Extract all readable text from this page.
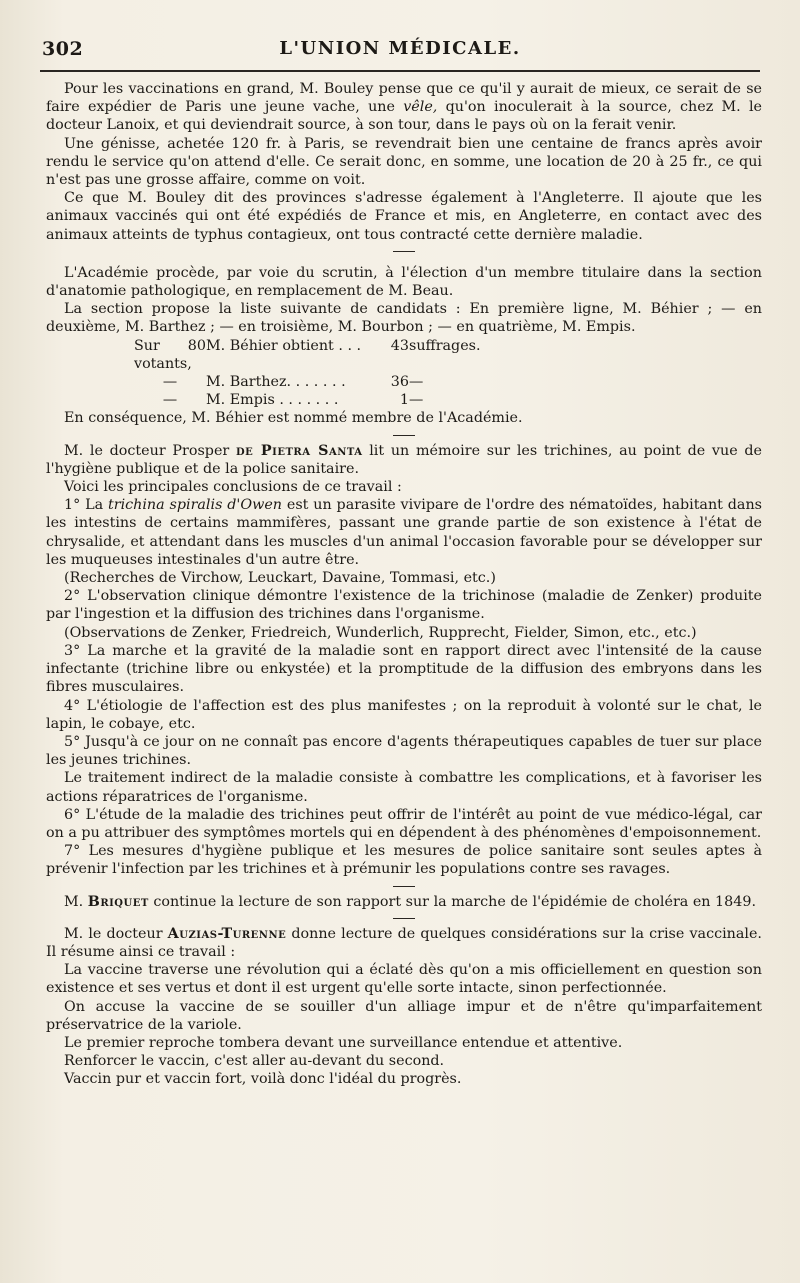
302	L'UNION MÉDICALE.

Pour les vaccinations en grand, M. Bouley pense que ce qu'il y aurait de mieux, ce serait de se faire expédier de Paris une jeune vache, une vêle, qu'on inoculerait à la source, chez M. le docteur Lanoix, et qui deviendrait source, à son tour, dans le pays où on la ferait venir.

Une génisse, achetée 120 fr. à Paris, se revendrait bien une centaine de francs après avoir rendu le service qu'on attend d'elle. Ce serait donc, en somme, une location de 20 à 25 fr., ce qui n'est pas une grosse affaire, comme on voit.

Ce que M. Bouley dit des provinces s'adresse également à l'Angleterre. Il ajoute que les animaux vaccinés qui ont été expédiés de France et mis, en Angleterre, en contact avec des animaux atteints de typhus contagieux, ont tous contracté cette dernière maladie.

L'Académie procède, par voie du scrutin, à l'élection d'un membre titulaire dans la section d'anatomie pathologique, en remplacement de M. Beau.

La section propose la liste suivante de candidats : En première ligne, M. Béhier ; — en deuxième, M. Barthez ; — en troisième, M. Bourbon ; — en quatrième, M. Empis.

Sur 80 votants,	M. Béhier obtient . . .	43	suffrages.
—	M. Barthez. . . . . . .	36	—
—	M. Empis . . . . . . .	1	—

En conséquence, M. Béhier est nommé membre de l'Académie.

M. le docteur Prosper de Pietra Santa lit un mémoire sur les trichines, au point de vue de l'hygiène publique et de la police sanitaire.

Voici les principales conclusions de ce travail :

1° La trichina spiralis d'Owen est un parasite vivipare de l'ordre des nématoïdes, habitant dans les intestins de certains mammifères, passant une grande partie de son existence à l'état de chrysalide, et attendant dans les muscles d'un animal l'occasion favorable pour se développer sur les muqueuses intestinales d'un autre être.

(Recherches de Virchow, Leuckart, Davaine, Tommasi, etc.)

2° L'observation clinique démontre l'existence de la trichinose (maladie de Zenker) produite par l'ingestion et la diffusion des trichines dans l'organisme.

(Observations de Zenker, Friedreich, Wunderlich, Rupprecht, Fielder, Simon, etc., etc.)

3° La marche et la gravité de la maladie sont en rapport direct avec l'intensité de la cause infectante (trichine libre ou enkystée) et la promptitude de la diffusion des embryons dans les fibres musculaires.

4° L'étiologie de l'affection est des plus manifestes ; on la reproduit à volonté sur le chat, le lapin, le cobaye, etc.

5° Jusqu'à ce jour on ne connaît pas encore d'agents thérapeutiques capables de tuer sur place les jeunes trichines.

Le traitement indirect de la maladie consiste à combattre les complications, et à favoriser les actions réparatrices de l'organisme.

6° L'étude de la maladie des trichines peut offrir de l'intérêt au point de vue médico-légal, car on a pu attribuer des symptômes mortels qui en dépendent à des phénomènes d'empoisonnement.

7° Les mesures d'hygiène publique et les mesures de police sanitaire sont seules aptes à prévenir l'infection par les trichines et à prémunir les populations contre ses ravages.

M. Briquet continue la lecture de son rapport sur la marche de l'épidémie de choléra en 1849.

M. le docteur Auzias-Turenne donne lecture de quelques considérations sur la crise vaccinale. Il résume ainsi ce travail :

La vaccine traverse une révolution qui a éclaté dès qu'on a mis officiellement en question son existence et ses vertus et dont il est urgent qu'elle sorte intacte, sinon perfectionnée.

On accuse la vaccine de se souiller d'un alliage impur et de n'être qu'imparfaitement préservatrice de la variole.

Le premier reproche tombera devant une surveillance entendue et attentive.

Renforcer le vaccin, c'est aller au-devant du second.

Vaccin pur et vaccin fort, voilà donc l'idéal du progrès.
